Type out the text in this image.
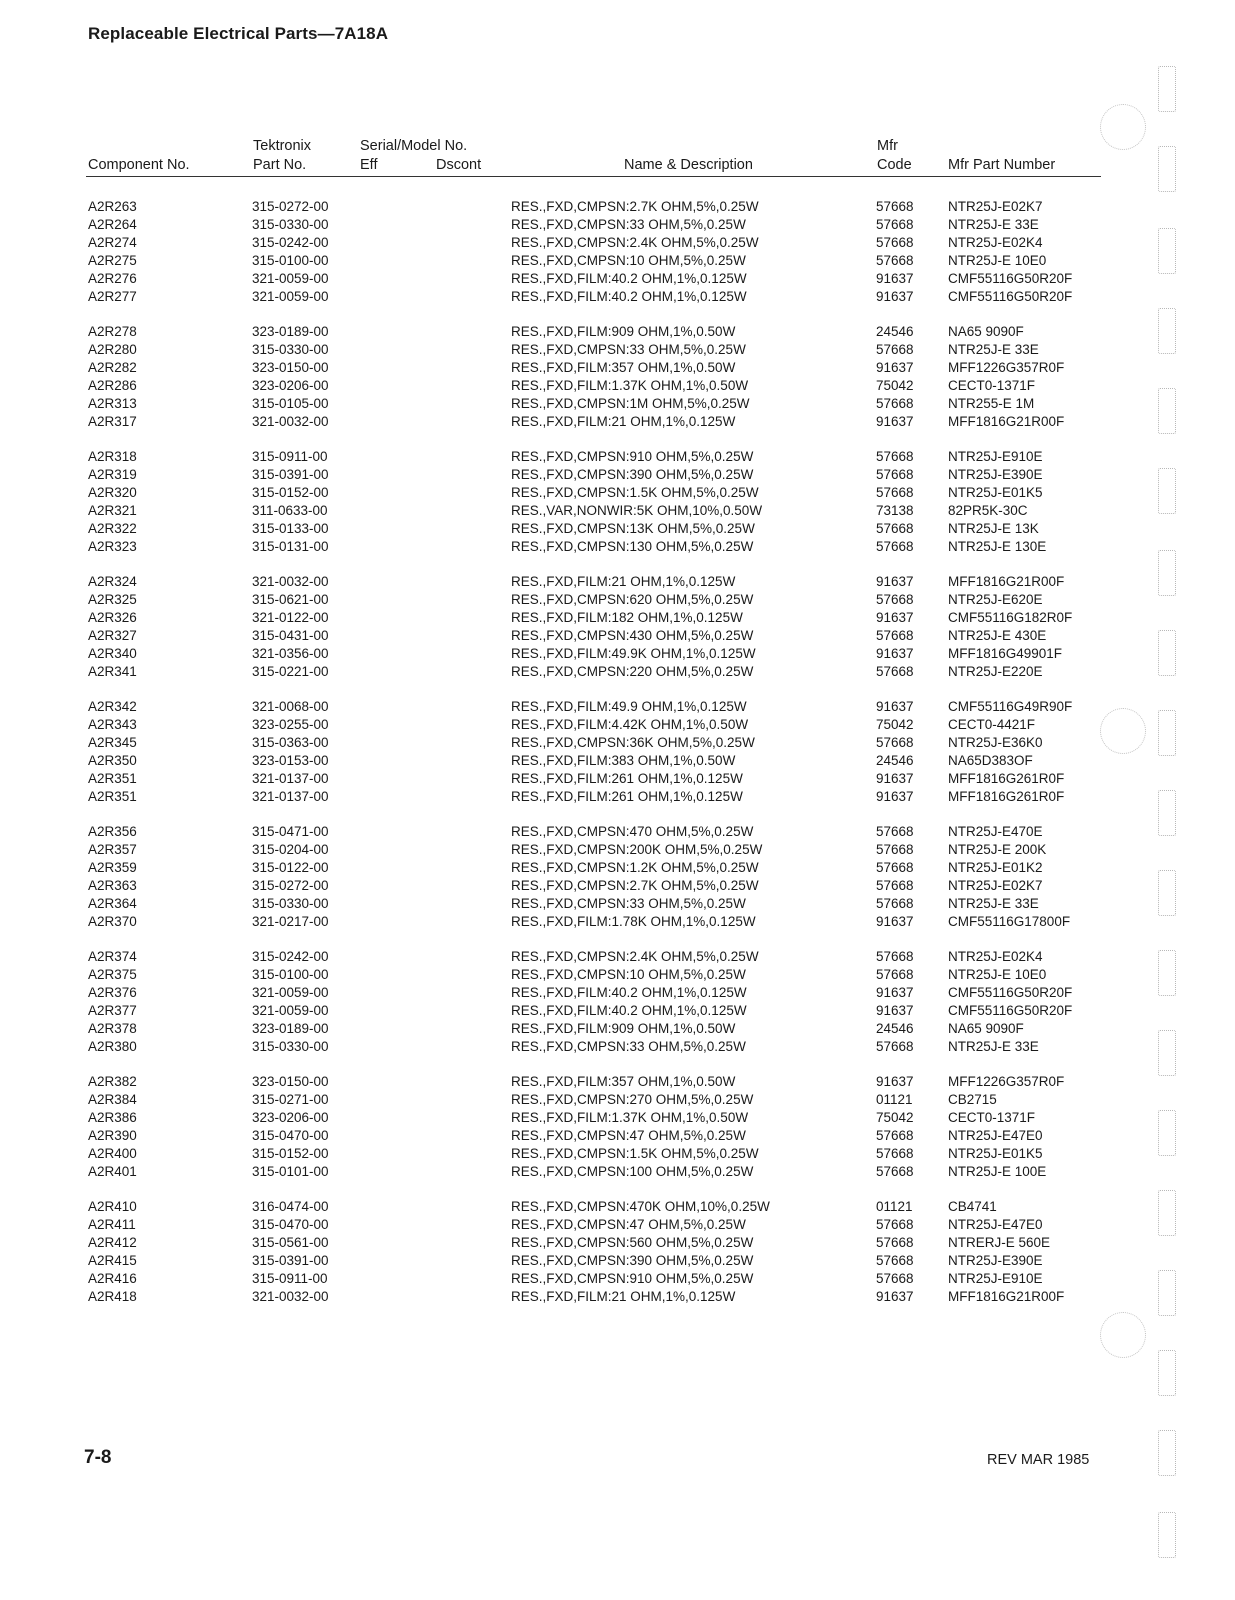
Replaceable Electrical Parts—7A18A
Component No.
Tektronix
Part No.
Serial/Model No.
Eff	Dscont	Name & Description
Mfr
Code	Mfr Part Number
A2R263	315-0272-00	RES.,FXD,CMPSN:2.7K OHM,5%,0.25W	57668	NTR25J-E02K7
A2R264	315-0330-00	RES.,FXD,CMPSN:33 OHM,5%,0.25W	57668	NTR25J-E 33E
A2R274	315-0242-00	RES.,FXD,CMPSN:2.4K OHM,5%,0.25W	57668	NTR25J-E02K4
A2R275	315-0100-00	RES.,FXD,CMPSN:10 OHM,5%,0.25W	57668	NTR25J-E 10E0
A2R276	321-0059-00	RES.,FXD,FILM:40.2 OHM,1%,0.125W	91637	CMF55116G50R20F
A2R277	321-0059-00	RES.,FXD,FILM:40.2 OHM,1%,0.125W	91637	CMF55116G50R20F
A2R278	323-0189-00	RES.,FXD,FILM:909 OHM,1%,0.50W	24546	NA65 9090F
A2R280	315-0330-00	RES.,FXD,CMPSN:33 OHM,5%,0.25W	57668	NTR25J-E 33E
A2R282	323-0150-00	RES.,FXD,FILM:357 OHM,1%,0.50W	91637	MFF1226G357R0F
A2R286	323-0206-00	RES.,FXD,FILM:1.37K OHM,1%,0.50W	75042	CECT0-1371F
A2R313	315-0105-00	RES.,FXD,CMPSN:1M OHM,5%,0.25W	57668	NTR255-E 1M
A2R317	321-0032-00	RES.,FXD,FILM:21 OHM,1%,0.125W	91637	MFF1816G21R00F
A2R318	315-0911-00	RES.,FXD,CMPSN:910 OHM,5%,0.25W	57668	NTR25J-E910E
A2R319	315-0391-00	RES.,FXD,CMPSN:390 OHM,5%,0.25W	57668	NTR25J-E390E
A2R320	315-0152-00	RES.,FXD,CMPSN:1.5K OHM,5%,0.25W	57668	NTR25J-E01K5
A2R321	311-0633-00	RES.,VAR,NONWIR:5K OHM,10%,0.50W	73138	82PR5K-30C
A2R322	315-0133-00	RES.,FXD,CMPSN:13K OHM,5%,0.25W	57668	NTR25J-E 13K
A2R323	315-0131-00	RES.,FXD,CMPSN:130 OHM,5%,0.25W	57668	NTR25J-E 130E
A2R324	321-0032-00	RES.,FXD,FILM:21 OHM,1%,0.125W	91637	MFF1816G21R00F
A2R325	315-0621-00	RES.,FXD,CMPSN:620 OHM,5%,0.25W	57668	NTR25J-E620E
A2R326	321-0122-00	RES.,FXD,FILM:182 OHM,1%,0.125W	91637	CMF55116G182R0F
A2R327	315-0431-00	RES.,FXD,CMPSN:430 OHM,5%,0.25W	57668	NTR25J-E 430E
A2R340	321-0356-00	RES.,FXD,FILM:49.9K OHM,1%,0.125W	91637	MFF1816G49901F
A2R341	315-0221-00	RES.,FXD,CMPSN:220 OHM,5%,0.25W	57668	NTR25J-E220E
A2R342	321-0068-00	RES.,FXD,FILM:49.9 OHM,1%,0.125W	91637	CMF55116G49R90F
A2R343	323-0255-00	RES.,FXD,FILM:4.42K OHM,1%,0.50W	75042	CECT0-4421F
A2R345	315-0363-00	RES.,FXD,CMPSN:36K OHM,5%,0.25W	57668	NTR25J-E36K0
A2R350	323-0153-00	RES.,FXD,FILM:383 OHM,1%,0.50W	24546	NA65D383OF
A2R351	321-0137-00	RES.,FXD,FILM:261 OHM,1%,0.125W	91637	MFF1816G261R0F
A2R351	321-0137-00	RES.,FXD,FILM:261 OHM,1%,0.125W	91637	MFF1816G261R0F
A2R356	315-0471-00	RES.,FXD,CMPSN:470 OHM,5%,0.25W	57668	NTR25J-E470E
A2R357	315-0204-00	RES.,FXD,CMPSN:200K OHM,5%,0.25W	57668	NTR25J-E 200K
A2R359	315-0122-00	RES.,FXD,CMPSN:1.2K OHM,5%,0.25W	57668	NTR25J-E01K2
A2R363	315-0272-00	RES.,FXD,CMPSN:2.7K OHM,5%,0.25W	57668	NTR25J-E02K7
A2R364	315-0330-00	RES.,FXD,CMPSN:33 OHM,5%,0.25W	57668	NTR25J-E 33E
A2R370	321-0217-00	RES.,FXD,FILM:1.78K OHM,1%,0.125W	91637	CMF55116G17800F
A2R374	315-0242-00	RES.,FXD,CMPSN:2.4K OHM,5%,0.25W	57668	NTR25J-E02K4
A2R375	315-0100-00	RES.,FXD,CMPSN:10 OHM,5%,0.25W	57668	NTR25J-E 10E0
A2R376	321-0059-00	RES.,FXD,FILM:40.2 OHM,1%,0.125W	91637	CMF55116G50R20F
A2R377	321-0059-00	RES.,FXD,FILM:40.2 OHM,1%,0.125W	91637	CMF55116G50R20F
A2R378	323-0189-00	RES.,FXD,FILM:909 OHM,1%,0.50W	24546	NA65 9090F
A2R380	315-0330-00	RES.,FXD,CMPSN:33 OHM,5%,0.25W	57668	NTR25J-E 33E
A2R382	323-0150-00	RES.,FXD,FILM:357 OHM,1%,0.50W	91637	MFF1226G357R0F
A2R384	315-0271-00	RES.,FXD,CMPSN:270 OHM,5%,0.25W	01121	CB2715
A2R386	323-0206-00	RES.,FXD,FILM:1.37K OHM,1%,0.50W	75042	CECT0-1371F
A2R390	315-0470-00	RES.,FXD,CMPSN:47 OHM,5%,0.25W	57668	NTR25J-E47E0
A2R400	315-0152-00	RES.,FXD,CMPSN:1.5K OHM,5%,0.25W	57668	NTR25J-E01K5
A2R401	315-0101-00	RES.,FXD,CMPSN:100 OHM,5%,0.25W	57668	NTR25J-E 100E
A2R410	316-0474-00	RES.,FXD,CMPSN:470K OHM,10%,0.25W	01121	CB4741
A2R411	315-0470-00	RES.,FXD,CMPSN:47 OHM,5%,0.25W	57668	NTR25J-E47E0
A2R412	315-0561-00	RES.,FXD,CMPSN:560 OHM,5%,0.25W	57668	NTRERJ-E 560E
A2R415	315-0391-00	RES.,FXD,CMPSN:390 OHM,5%,0.25W	57668	NTR25J-E390E
A2R416	315-0911-00	RES.,FXD,CMPSN:910 OHM,5%,0.25W	57668	NTR25J-E910E
A2R418	321-0032-00	RES.,FXD,FILM:21 OHM,1%,0.125W	91637	MFF1816G21R00F
7-8	REV MAR 1985
